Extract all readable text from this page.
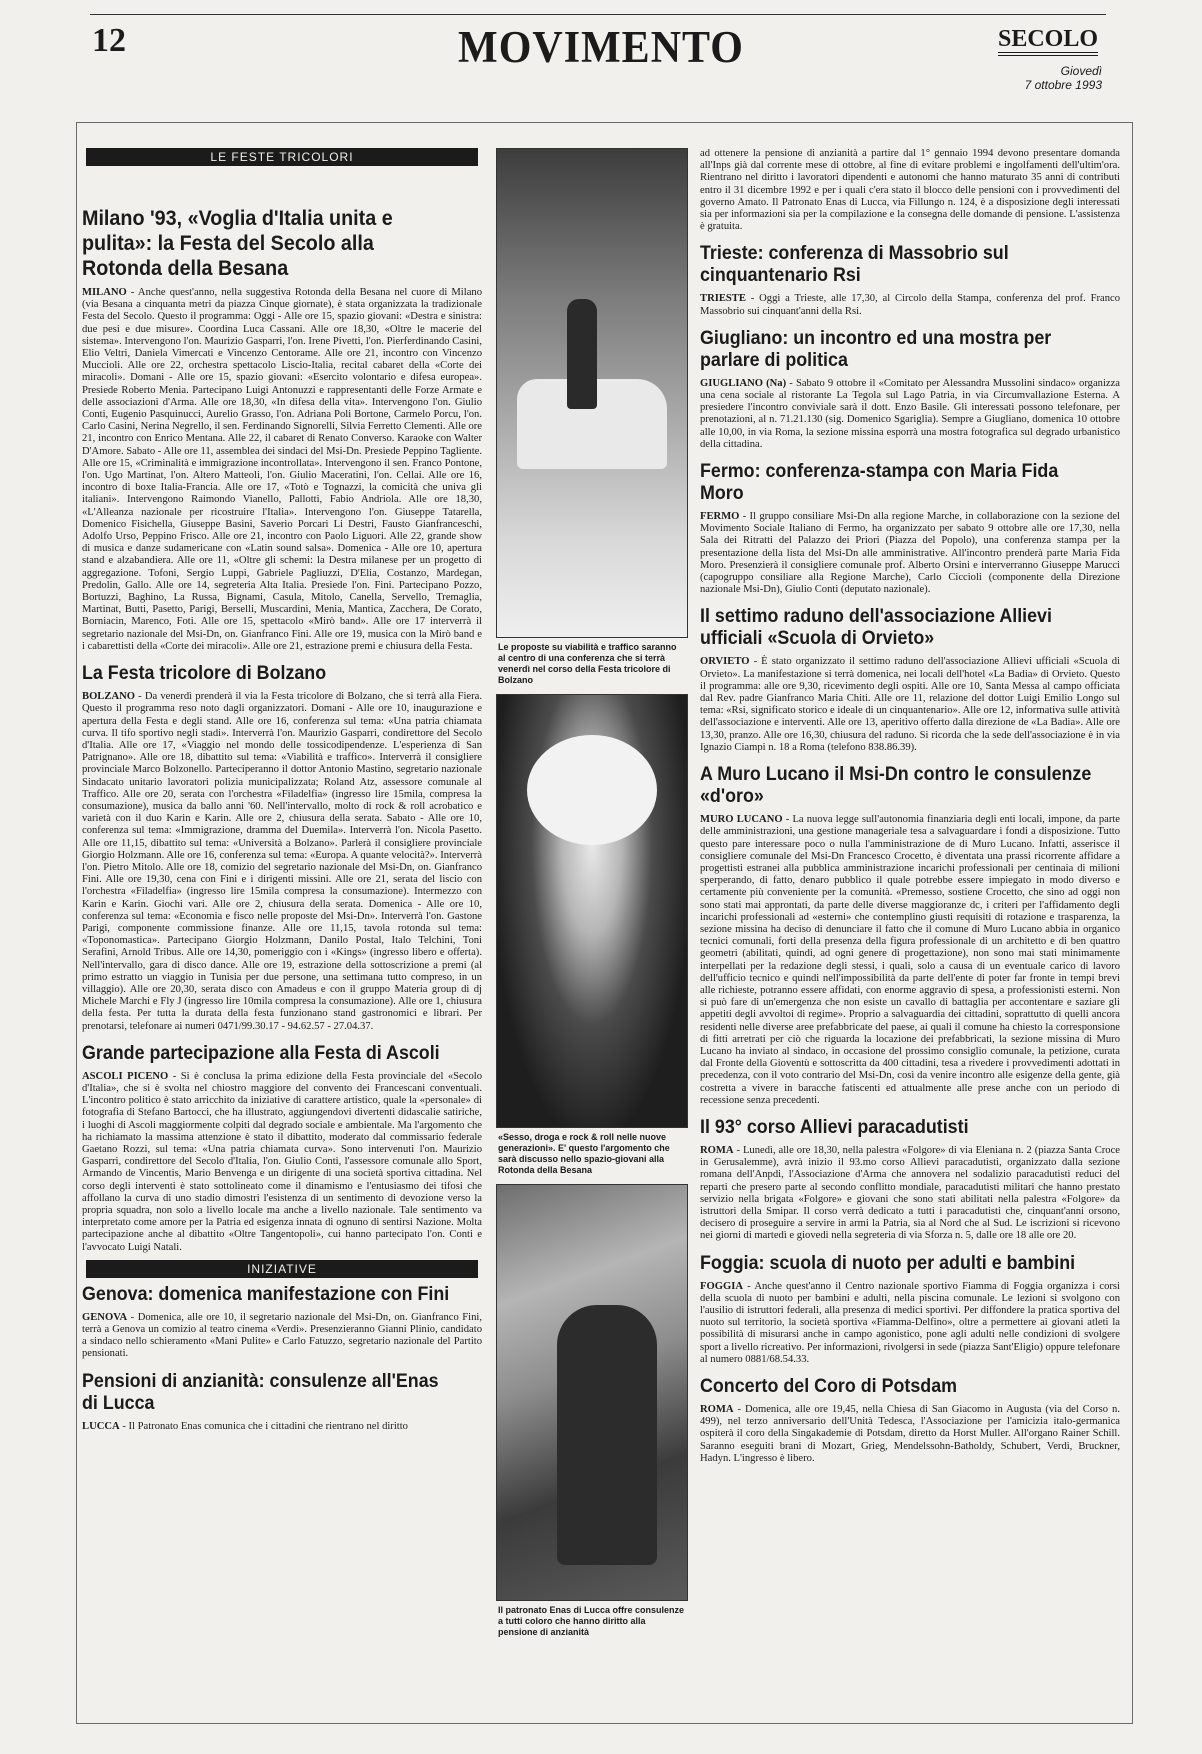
12	MOVIMENTO	SECOLO
Giovedì
7 ottobre 1993
LE FESTE TRICOLORI
Milano '93, «Voglia d'Italia unita e pulita»: la Festa del Secolo alla Rotonda della Besana

MILANO - Anche quest'anno, nella suggestiva Rotonda della Besana nel cuore di Milano (via Besana a cinquanta metri da piazza Cinque giornate), è stata organizzata la tradizionale Festa del Secolo. Questo il programma: Oggi - Alle ore 15, spazio giovani: «Destra e sinistra: due pesi e due misure». Coordina Luca Cassani. Alle ore 18,30, «Oltre le macerie del sistema». Intervengono l'on. Maurizio Gasparri, l'on. Irene Pivetti, l'on. Pierferdinando Casini, Elio Veltri, Daniela Vimercati e Vincenzo Centorame. Alle ore 21, incontro con Vincenzo Muccioli. Alle ore 22, orchestra spettacolo Liscio-Italia, recital cabaret della «Corte dei miracoli». Domani - Alle ore 15, spazio giovani: «Esercito volontario e difesa europea». Presiede Roberto Menia. Partecipano Luigi Antonuzzi e rappresentanti delle Forze Armate e delle associazioni d'Arma. Alle ore 18,30, «In difesa della vita». Intervengono l'on. Giulio Conti, Eugenio Pasquinucci, Aurelio Grasso, l'on. Adriana Poli Bortone, Carmelo Porcu, l'on. Carlo Casini, Nerina Negrello, il sen. Ferdinando Signorelli, Silvia Ferretto Clementi. Alle ore 21, incontro con Enrico Mentana. Alle 22, il cabaret di Renato Converso. Karaoke con Walter D'Amore. Sabato - Alle ore 11, assemblea dei sindaci del Msi-Dn. Presiede Peppino Tagliente. Alle ore 15, «Criminalità e immigrazione incontrollata». Intervengono il sen. Franco Pontone, l'on. Ugo Martinat, l'on. Altero Matteoli, l'on. Giulio Maceratini, l'on. Cellai. Alle ore 16, incontro di boxe Italia-Francia. Alle ore 17, «Totò e Tognazzi, la comicità che univa gli italiani». Intervengono Raimondo Vianello, Pallotti, Fabio Andriola. Alle ore 18,30, «L'Alleanza nazionale per ricostruire l'Italia». Intervengono l'on. Giuseppe Tatarella, Domenico Fisichella, Giuseppe Basini, Saverio Porcari Li Destri, Fausto Gianfranceschi, Adolfo Urso, Peppino Frisco. Alle ore 21, incontro con Paolo Liguori. Alle 22, grande show di musica e danze sudamericane con «Latin sound salsa». Domenica - Alle ore 10, apertura stand e alzabandiera. Alle ore 11, «Oltre gli schemi: la Destra milanese per un progetto di aggregazione. Tofoni, Sergio Luppi, Gabriele Pagliuzzi, D'Elia, Costanzo, Mardegan, Predolin, Gallo. Alle ore 14, segreteria Alta Italia. Presiede l'on. Fini. Partecipano Pozzo, Bortuzzi, Baghino, La Russa, Bignami, Casula, Mitolo, Canella, Servello, Tremaglia, Martinat, Butti, Pasetto, Parigi, Berselli, Muscardini, Menia, Mantica, Zacchera, De Corato, Borniacin, Marenco, Foti. Alle ore 15, spettacolo «Mirò band». Alle ore 17 interverrà il segretario nazionale del Msi-Dn, on. Gianfranco Fini. Alle ore 19, musica con la Mirò band e i cabarettisti della «Corte dei miracoli». Alle ore 21, estrazione premi e chiusura della Festa.

La Festa tricolore di Bolzano

BOLZANO - Da venerdì prenderà il via la Festa tricolore di Bolzano, che si terrà alla Fiera. Questo il programma reso noto dagli organizzatori. Domani - Alle ore 10, inaugurazione e apertura della Festa e degli stand. Alle ore 16, conferenza sul tema: «Una patria chiamata curva. Il tifo sportivo negli stadi». Interverrà l'on. Maurizio Gasparri, condirettore del Secolo d'Italia. Alle ore 17, «Viaggio nel mondo delle tossicodipendenze. L'esperienza di San Patrignano». Alle ore 18, dibattito sul tema: «Viabilità e traffico». Interverrà il consigliere provinciale Marco Bolzonello. Parteciperanno il dottor Antonio Mastino, segretario nazionale Sindacato unitario lavoratori polizia municipalizzata; Roland Atz, assessore comunale al Traffico. Alle ore 20, serata con l'orchestra «Filadelfia» (ingresso lire 15mila, compresa la consumazione), musica da ballo anni '60. Nell'intervallo, molto di rock & roll acrobatico e varietà con il duo Karin e Karin. Alle ore 2, chiusura della serata. Sabato - Alle ore 10, conferenza sul tema: «Immigrazione, dramma del Duemila». Interverrà l'on. Nicola Pasetto. Alle ore 11,15, dibattito sul tema: «Università a Bolzano». Parlerà il consigliere provinciale Giorgio Holzmann. Alle ore 16, conferenza sul tema: «Europa. A quante velocità?». Interverrà l'on. Pietro Mitolo. Alle ore 18, comizio del segretario nazionale del Msi-Dn, on. Gianfranco Fini. Alle ore 19,30, cena con Fini e i dirigenti missini. Alle ore 21, serata del liscio con l'orchestra «Filadelfia» (ingresso lire 15mila compresa la consumazione). Intermezzo con Karin e Karin. Giochi vari. Alle ore 2, chiusura della serata. Domenica - Alle ore 10, conferenza sul tema: «Economia e fisco nelle proposte del Msi-Dn». Interverrà l'on. Gastone Parigi, componente commissione finanze. Alle ore 11,15, tavola rotonda sul tema: «Toponomastica». Partecipano Giorgio Holzmann, Danilo Postal, Italo Telchini, Toni Serafini, Arnold Tribus. Alle ore 14,30, pomeriggio con i «Kings» (ingresso libero e offerta). Nell'intervallo, gara di disco dance. Alle ore 19, estrazione della sottoscrizione a premi (al primo estratto un viaggio in Tunisia per due persone, una settimana tutto compreso, in un villaggio). Alle ore 20,30, serata disco con Amadeus e con il gruppo Materia group di dj Michele Marchi e Fly J (ingresso lire 10mila compresa la consumazione). Alle ore 1, chiusura della festa. Per tutta la durata della festa funzionano stand gastronomici e librari. Per prenotarsi, telefonare ai numeri 0471/99.30.17 - 94.62.57 - 27.04.37.

Grande partecipazione alla Festa di Ascoli

ASCOLI PICENO - Si è conclusa la prima edizione della Festa provinciale del «Secolo d'Italia», che si è svolta nel chiostro maggiore del convento dei Francescani conventuali. L'incontro politico è stato arricchito da iniziative di carattere artistico, quale la «personale» di fotografia di Stefano Bartocci, che ha illustrato, aggiungendovi divertenti didascalie satiriche, i luoghi di Ascoli maggiormente colpiti dal degrado sociale e ambientale. Ma l'argomento che ha richiamato la massima attenzione è stato il dibattito, moderato dal commissario federale Gaetano Rozzi, sul tema: «Una patria chiamata curva». Sono intervenuti l'on. Maurizio Gasparri, condirettore del Secolo d'Italia, l'on. Giulio Conti, l'assessore comunale allo Sport, Armando de Vincentis, Mario Benvenga e un dirigente di una società sportiva cittadina. Nel corso degli interventi è stato sottolineato come il dinamismo e l'entusiasmo dei tifosi che affollano la curva di uno stadio dimostri l'esistenza di un sentimento di devozione verso la propria squadra, non solo a livello locale ma anche a livello nazionale. Tale sentimento va interpretato come amore per la Patria ed esigenza innata di ognuno di sentirsi Nazione. Molta partecipazione anche al dibattito «Oltre Tangentopoli», cui hanno partecipato l'on. Conti e l'avvocato Luigi Natali.

INIZIATIVE
Genova: domenica manifestazione con Fini

GENOVA - Domenica, alle ore 10, il segretario nazionale del Msi-Dn, on. Gianfranco Fini, terrà a Genova un comizio al teatro cinema «Verdi». Presenzieranno Gianni Plinio, candidato a sindaco nello schieramento «Mani Pulite» e Carlo Fatuzzo, segretario nazionale del Partito pensionati.

Pensioni di anzianità: consulenze all'Enas di Lucca

LUCCA - Il Patronato Enas comunica che i cittadini che rientrano nel diritto

Le proposte su viabilità e traffico saranno al centro di una conferenza che si terrà venerdì nel corso della Festa tricolore di Bolzano
«Sesso, droga e rock & roll nelle nuove generazioni». E' questo l'argomento che sarà discusso nello spazio-giovani alla Rotonda della Besana
Il patronato Enas di Lucca offre consulenze a tutti coloro che hanno diritto alla pensione di anzianità

ad ottenere la pensione di anzianità a partire dal 1° gennaio 1994 devono presentare domanda all'Inps già dal corrente mese di ottobre, al fine di evitare problemi e ingolfamenti dell'ultim'ora. Rientrano nel diritto i lavoratori dipendenti e autonomi che hanno maturato 35 anni di contributi entro il 31 dicembre 1992 e per i quali c'era stato il blocco delle pensioni con i provvedimenti del governo Amato. Il Patronato Enas di Lucca, via Fillungo n. 124, è a disposizione degli interessati sia per informazioni sia per la compilazione e la consegna delle domande di pensione. L'assistenza è gratuita.

Trieste: conferenza di Massobrio sul cinquantenario Rsi

TRIESTE - Oggi a Trieste, alle 17,30, al Circolo della Stampa, conferenza del prof. Franco Massobrio sui cinquant'anni della Rsi.

Giugliano: un incontro ed una mostra per parlare di politica

GIUGLIANO (Na) - Sabato 9 ottobre il «Comitato per Alessandra Mussolini sindaco» organizza una cena sociale al ristorante La Tegola sul Lago Patria, in via Circumvallazione Esterna. A presiedere l'incontro conviviale sarà il dott. Enzo Basile. Gli interessati possono telefonare, per prenotazioni, al n. 71.21.130 (sig. Domenico Sgariglia). Sempre a Giugliano, domenica 10 ottobre alle 10,00, in via Roma, la sezione missina esporrà una mostra fotografica sul degrado urbanistico della cittadina.

Fermo: conferenza-stampa con Maria Fida Moro

FERMO - Il gruppo consiliare Msi-Dn alla regione Marche, in collaborazione con la sezione del Movimento Sociale Italiano di Fermo, ha organizzato per sabato 9 ottobre alle ore 17,30, nella Sala dei Ritratti del Palazzo dei Priori (Piazza del Popolo), una conferenza stampa per la presentazione della lista del Msi-Dn alle amministrative. All'incontro prenderà parte Maria Fida Moro. Presenzierà il consigliere comunale prof. Alberto Orsini e interverranno Giuseppe Marucci (capogruppo consiliare alla Regione Marche), Carlo Ciccioli (componente della Direzione nazionale Msi-Dn), Giulio Conti (deputato nazionale).

Il settimo raduno dell'associazione Allievi ufficiali «Scuola di Orvieto»

ORVIETO - È stato organizzato il settimo raduno dell'associazione Allievi ufficiali «Scuola di Orvieto». La manifestazione si terrà domenica, nei locali dell'hotel «La Badia» di Orvieto. Questo il programma: alle ore 9,30, ricevimento degli ospiti. Alle ore 10, Santa Messa al campo officiata dal Rev. padre Gianfranco Maria Chiti. Alle ore 11, relazione del dottor Luigi Emilio Longo sul tema: «Rsi, significato storico e ideale di un cinquantenario». Alle ore 12, informativa sulle attività dell'associazione e interventi. Alle ore 13, aperitivo offerto dalla direzione de «La Badia». Alle ore 13,30, pranzo. Alle ore 16,30, chiusura del raduno. Si ricorda che la sede dell'associazione è in via Ignazio Ciampi n. 18 a Roma (telefono 838.86.39).

A Muro Lucano il Msi-Dn contro le consulenze «d'oro»

MURO LUCANO - La nuova legge sull'autonomia finanziaria degli enti locali, impone, da parte delle amministrazioni, una gestione manageriale tesa a salvaguardare i fondi a disposizione. Tutto questo pare interessare poco o nulla l'amministrazione de di Muro Lucano. Infatti, asserisce il consigliere comunale del Msi-Dn Francesco Crocetto, è diventata una prassi ricorrente affidare a progettisti estranei alla pubblica amministrazione incarichi professionali per centinaia di milioni sperperando, di fatto, denaro pubblico il quale potrebbe essere impiegato in modo diverso e certamente più conveniente per la comunità. «Premesso, sostiene Crocetto, che sino ad oggi non sono stati mai approntati, da parte delle diverse maggioranze dc, i criteri per l'affidamento degli incarichi professionali ad «esterni» che contemplino giusti requisiti di rotazione e trasparenza, la sezione missina ha deciso di denunciare il fatto che il comune di Muro Lucano abbia in organico tecnici comunali, forti della presenza della figura professionale di un architetto e di ben quattro geometri (abilitati, quindi, ad ogni genere di progettazione), non sono mai stati minimamente interpellati per la redazione degli stessi, i quali, solo a causa di un eventuale carico di lavoro dell'ufficio tecnico e quindi nell'impossibilità da parte dell'ente di poter far fronte in tempi brevi alle richieste, potranno essere affidati, con enorme aggravio di spesa, a professionisti esterni. Non si può fare di un'emergenza che non esiste un cavallo di battaglia per accontentare e saziare gli appetiti degli avvoltoi di regime». Proprio a salvaguardia dei cittadini, soprattutto di quelli ancora residenti nelle diverse aree prefabbricate del paese, ai quali il comune ha chiesto la corresponsione di fitti arretrati per ciò che riguarda la locazione dei prefabbricati, la sezione missina di Muro Lucano ha inviato al sindaco, in occasione del prossimo consiglio comunale, la petizione, curata dal Fronte della Gioventù e sottoscritta da 400 cittadini, tesa a rivedere i provvedimenti adottati in precedenza, con il voto contrario del Msi-Dn, così da venire incontro alle esigenze della gente, già costretta a vivere in baracche fatiscenti ed attualmente alle prese anche con un periodo di recessione senza precedenti.

Il 93° corso Allievi paracadutisti

ROMA - Lunedì, alle ore 18,30, nella palestra «Folgore» di via Eleniana n. 2 (piazza Santa Croce in Gerusalemme), avrà inizio il 93.mo corso Allievi paracadutisti, organizzato dalla sezione romana dell'Anpdi, l'Associazione d'Arma che annovera nel sodalizio paracadutisti reduci del reparti che presero parte al secondo conflitto mondiale, paracadutisti militari che hanno prestato servizio nella brigata «Folgore» e giovani che sono stati abilitati nella palestra «Folgore» da istruttori della Smipar. Il corso verrà dedicato a tutti i paracadutisti che, cinquant'anni orsono, decisero di proseguire a servire in armi la Patria, sia al Nord che al Sud. Le iscrizioni si ricevono nei giorni di martedì e giovedì nella segreteria di via Sforza n. 5, dalle ore 18 alle ore 20.

Foggia: scuola di nuoto per adulti e bambini

FOGGIA - Anche quest'anno il Centro nazionale sportivo Fiamma di Foggia organizza i corsi della scuola di nuoto per bambini e adulti, nella piscina comunale. Le lezioni si svolgono con l'ausilio di istruttori federali, alla presenza di medici sportivi. Per diffondere la pratica sportiva del nuoto sul territorio, la società sportiva «Fiamma-Delfino», oltre a permettere ai giovani atleti la possibilità di misurarsi anche in campo agonistico, pone agli adulti nelle condizioni di svolgere sport a livello ricreativo. Per informazioni, rivolgersi in sede (piazza Sant'Eligio) oppure telefonare al numero 0881/68.54.33.

Concerto del Coro di Potsdam

ROMA - Domenica, alle ore 19,45, nella Chiesa di San Giacomo in Augusta (via del Corso n. 499), nel terzo anniversario dell'Unità Tedesca, l'Associazione per l'amicizia italo-germanica ospiterà il coro della Singakademie di Potsdam, diretto da Horst Muller. All'organo Rainer Schill. Saranno eseguiti brani di Mozart, Grieg, Mendelssohn-Batholdy, Schubert, Verdi, Bruckner, Hadyn. L'ingresso è libero.
